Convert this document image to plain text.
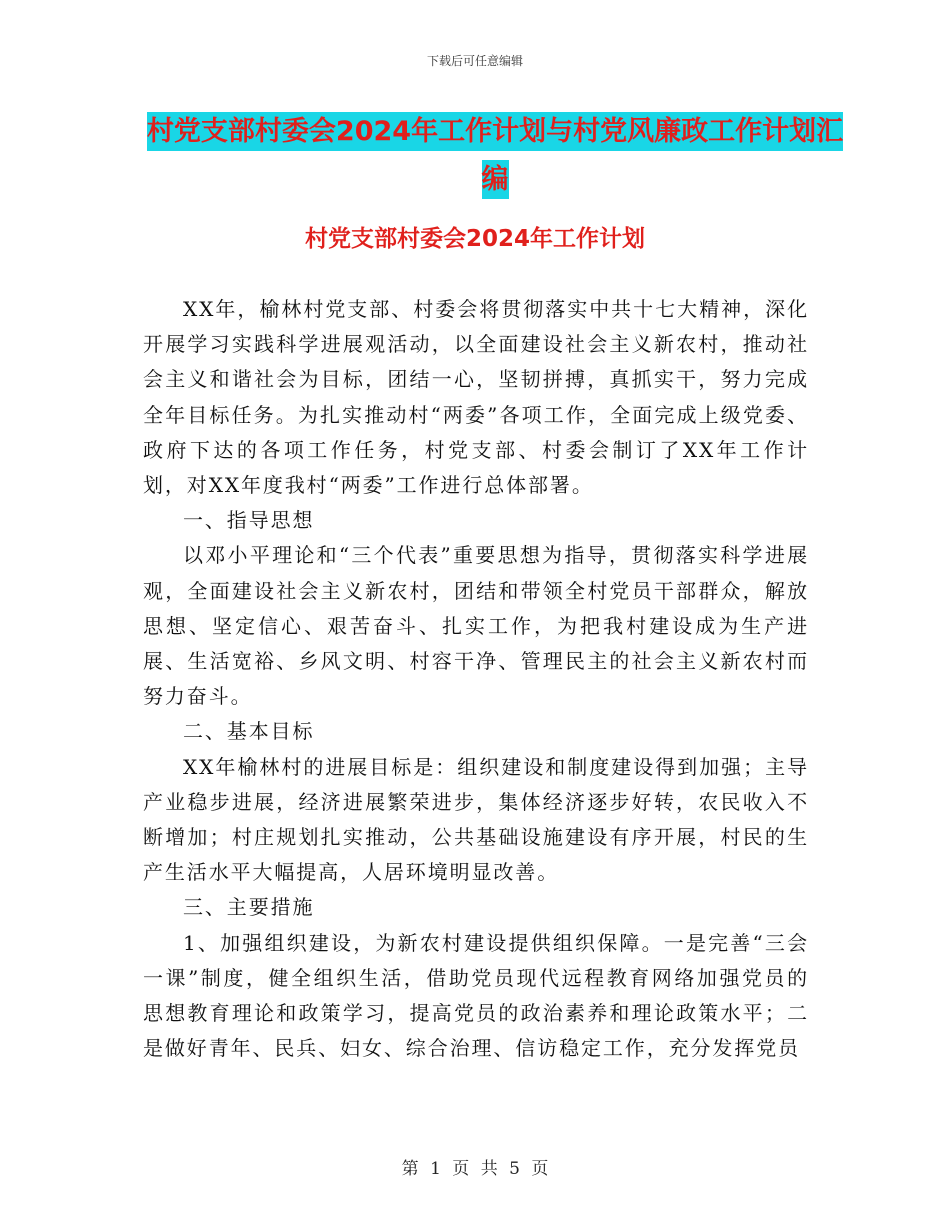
下载后可任意编辑
村党支部村委会2024年工作计划与村党风廉政工作计划汇编
村党支部村委会2024年工作计划

XX年，榆林村党支部、村委会将贯彻落实中共十七大精神，深化开展学习实践科学进展观活动，以全面建设社会主义新农村，推动社会主义和谐社会为目标，团结一心，坚韧拼搏，真抓实干，努力完成全年目标任务。为扎实推动村“两委”各项工作，全面完成上级党委、政府下达的各项工作任务，村党支部、村委会制订了XX年工作计划，对XX年度我村“两委”工作进行总体部署。

一、指导思想

以邓小平理论和“三个代表”重要思想为指导，贯彻落实科学进展观，全面建设社会主义新农村，团结和带领全村党员干部群众，解放思想、坚定信心、艰苦奋斗、扎实工作，为把我村建设成为生产进展、生活宽裕、乡风文明、村容干净、管理民主的社会主义新农村而努力奋斗。

二、基本目标

XX年榆林村的进展目标是：组织建设和制度建设得到加强；主导产业稳步进展，经济进展繁荣进步，集体经济逐步好转，农民收入不断增加；村庄规划扎实推动，公共基础设施建设有序开展，村民的生产生活水平大幅提高，人居环境明显改善。

三、主要措施

1、加强组织建设，为新农村建设提供组织保障。一是完善“三会一课”制度，健全组织生活，借助党员现代远程教育网络加强党员的思想教育理论和政策学习，提高党员的政治素养和理论政策水平；二是做好青年、民兵、妇女、综合治理、信访稳定工作，充分发挥党员

第 1 页 共 5 页
